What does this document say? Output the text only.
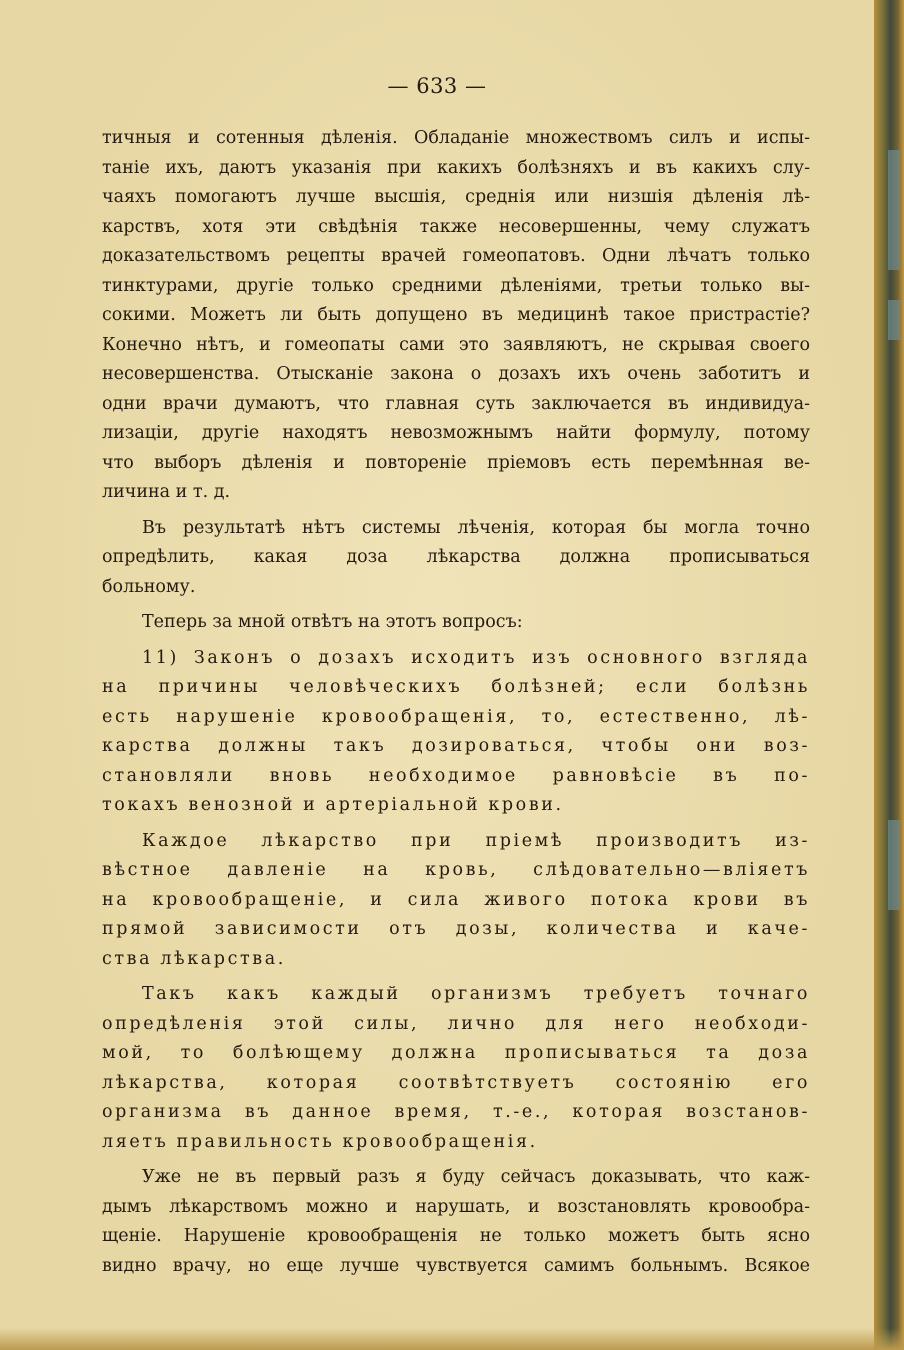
— 633 —
тичныя и сотенныя дѣленія. Обладаніе множествомъ силъ и испы-
таніе ихъ, даютъ указанія при какихъ болѣзняхъ и въ какихъ слу-
чаяхъ помогаютъ лучше высшія, среднія или низшія дѣленія лѣ-
карствъ, хотя эти свѣдѣнія также несовершенны, чему служатъ
доказательствомъ рецепты врачей гомеопатовъ. Одни лѣчатъ только
тинктурами, другіе только средними дѣленіями, третьи только вы-
сокими. Можетъ ли быть допущено въ медицинѣ такое пристрастіе?
Конечно нѣтъ, и гомеопаты сами это заявляютъ, не скрывая своего
несовершенства. Отысканіе закона о дозахъ ихъ очень заботитъ и
одни врачи думаютъ, что главная суть заключается въ индивидуа-
лизаціи, другіе находятъ невозможнымъ найти формулу, потому
что выборъ дѣленія и повтореніе пріемовъ есть перемѣнная ве-
личина и т. д.
Въ результатѣ нѣтъ системы лѣченія, которая бы могла точно
опредѣлить, какая доза лѣкарства должна прописываться
больному.
Теперь за мной отвѣтъ на этотъ вопросъ:
11) Законъ о дозахъ исходитъ изъ основного взгляда
на причины человѣческихъ болѣзней; если болѣзнь
есть нарушеніе кровообращенія, то, естественно, лѣ-
карства должны такъ дозироваться, чтобы они воз-
становляли вновь необходимое равновѣсіе въ по-
токахъ венозной и артеріальной крови.
Каждое лѣкарство при пріемѣ производитъ из-
вѣстное давленіе на кровь, слѣдовательно—вліяетъ
на кровообращеніе, и сила живого потока крови въ
прямой зависимости отъ дозы, количества и каче-
ства лѣкарства.
Такъ какъ каждый организмъ требуетъ точнаго
опредѣленія этой силы, лично для него необходи-
мой, то болѣющему должна прописываться та доза
лѣкарства, которая соотвѣтствуетъ состоянію его
организма въ данное время, т.-е., которая возстанов-
ляетъ правильность кровообращенія.
Уже не въ первый разъ я буду сейчасъ доказывать, что каж-
дымъ лѣкарствомъ можно и нарушать, и возстановлять кровообра-
щеніе. Нарушеніе кровообращенія не только можетъ быть ясно
видно врачу, но еще лучше чувствуется самимъ больнымъ. Всякое
